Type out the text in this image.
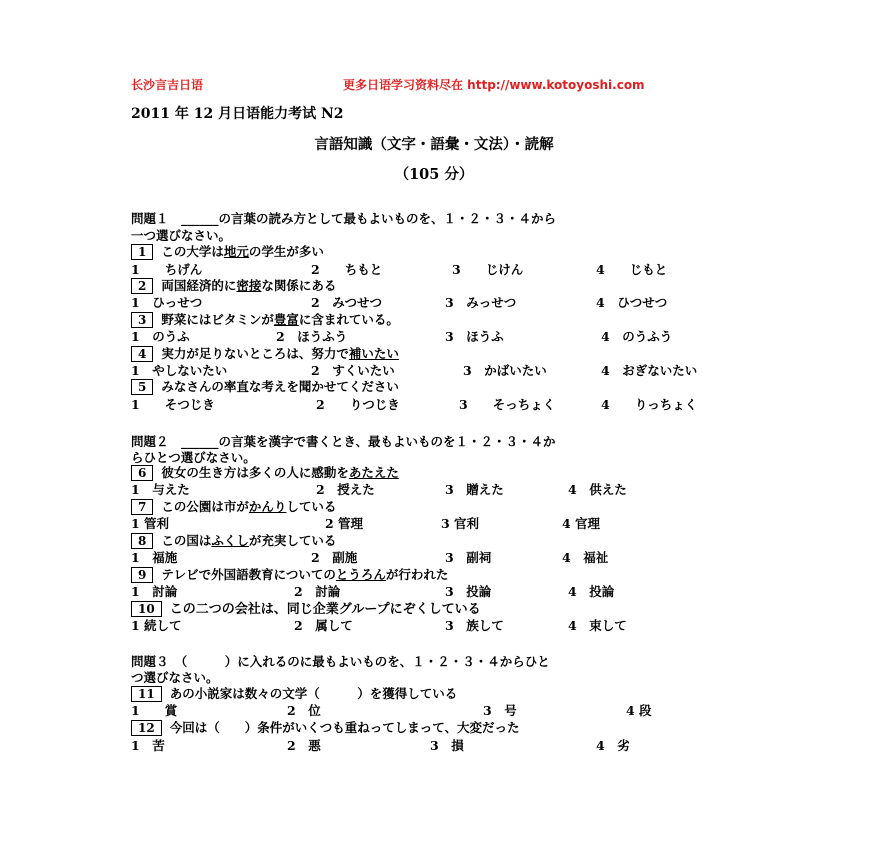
长沙言吉日语	更多日语学习资料尽在 http://www.kotoyoshi.com
2011 年 12 月日语能力考试 N2
言語知識（文字・語彙・文法）・読解
（105 分）
問題１　______の言葉の読み方として最もよいものを、１・２・３・４から
一つ選びなさい。
1 この大学は地元の学生が多い
1　　ちげん	2　　ちもと	3　　じけん	4　　じもと
2 両国経済的に密接な関係にある
1　ひっせつ	2　みつせつ	3　みっせつ	4　ひつせつ
3 野菜にはビタミンが豊富に含まれている。
1　のうふ	2　ほうふう	3　ほうふ	4　のうふう
4 実力が足りないところは、努力で補いたい
1　やしないたい	2　すくいたい	3　かばいたい	4　おぎないたい
5 みなさんの率直な考えを聞かせてください
1　　そつじき	2　　りつじき	3　　そっちょく	4　　りっちょく
問題２　______の言葉を漢字で書くとき、最もよいものを１・２・３・４か
らひとつ選びなさい。
6 彼女の生き方は多くの人に感動をあたえた
1　与えた	2　授えた	3　贈えた	4　供えた
7 この公園は市がかんりしている
1 管利	2 管理	3 官利	4 官理
8 この国はふくしが充実している
1　福施	2　副施	3　副祠	4　福祉
9 テレビで外国語教育についてのとうろんが行われた
1　討論	2　討論	3　投論	4　投論
10 この二つの会社は、同じ企業グループにぞくしている
1 続して	2　属して	3　族して	4　束して
問題３　（　　　）に入れるのに最もよいものを、１・２・３・４からひと
つ選びなさい。
11 あの小説家は数々の文学（　　　）を獲得している
1　　賞	2　位	3　号	4 段
12 今回は（　　）条件がいくつも重ねってしまって、大変だった
1　苦	2　悪	3　損	4　劣
